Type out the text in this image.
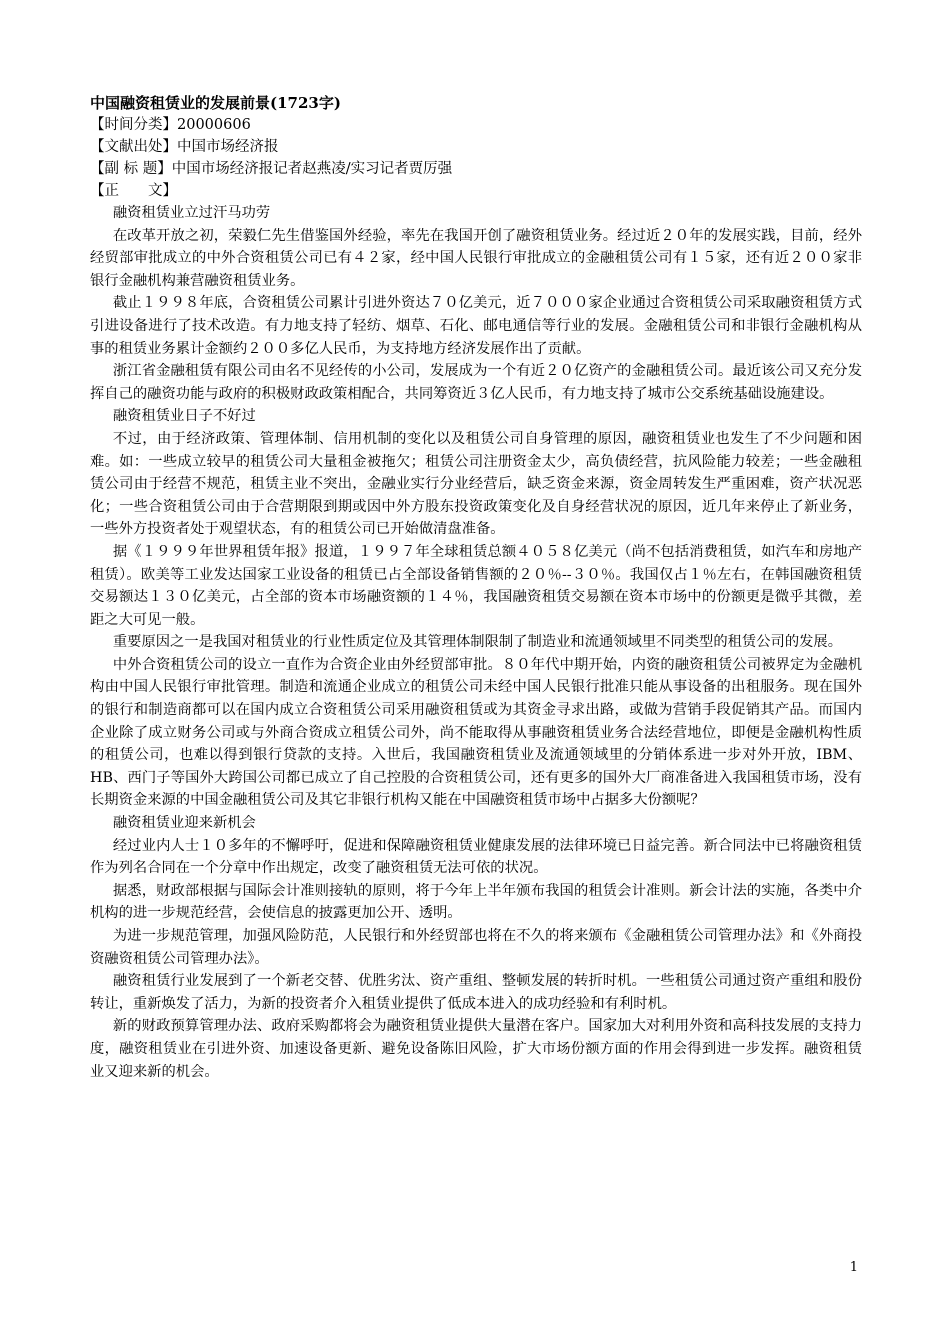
中国融资租赁业的发展前景(1723字)

【时间分类】20000606

【文献出处】中国市场经济报

【副 标 题】中国市场经济报记者赵燕凌/实习记者贾厉强

【正　　文】

融资租赁业立过汗马功劳

在改革开放之初，荣毅仁先生借鉴国外经验，率先在我国开创了融资租赁业务。经过近２０年的发展实践，目前，经外经贸部审批成立的中外合资租赁公司已有４２家，经中国人民银行审批成立的金融租赁公司有１５家，还有近２００家非银行金融机构兼营融资租赁业务。

截止１９９８年底，合资租赁公司累计引进外资达７０亿美元，近７０００家企业通过合资租赁公司采取融资租赁方式引进设备进行了技术改造。有力地支持了轻纺、烟草、石化、邮电通信等行业的发展。金融租赁公司和非银行金融机构从事的租赁业务累计金额约２００多亿人民币，为支持地方经济发展作出了贡献。

浙江省金融租赁有限公司由名不见经传的小公司，发展成为一个有近２０亿资产的金融租赁公司。最近该公司又充分发挥自己的融资功能与政府的积极财政政策相配合，共同筹资近３亿人民币，有力地支持了城市公交系统基础设施建设。

融资租赁业日子不好过

不过，由于经济政策、管理体制、信用机制的变化以及租赁公司自身管理的原因，融资租赁业也发生了不少问题和困难。如：一些成立较早的租赁公司大量租金被拖欠；租赁公司注册资金太少，高负债经营，抗风险能力较差；一些金融租赁公司由于经营不规范，租赁主业不突出，金融业实行分业经营后，缺乏资金来源，资金周转发生严重困难，资产状况恶化；一些合资租赁公司由于合营期限到期或因中外方股东投资政策变化及自身经营状况的原因，近几年来停止了新业务，一些外方投资者处于观望状态，有的租赁公司已开始做清盘准备。

据《１９９９年世界租赁年报》报道，１９９７年全球租赁总额４０５８亿美元（尚不包括消费租赁，如汽车和房地产租赁）。欧美等工业发达国家工业设备的租赁已占全部设备销售额的２０％--３０％。我国仅占１％左右，在韩国融资租赁交易额达１３０亿美元，占全部的资本市场融资额的１４％，我国融资租赁交易额在资本市场中的份额更是微乎其微，差距之大可见一般。

重要原因之一是我国对租赁业的行业性质定位及其管理体制限制了制造业和流通领域里不同类型的租赁公司的发展。

中外合资租赁公司的设立一直作为合资企业由外经贸部审批。８０年代中期开始，内资的融资租赁公司被界定为金融机构由中国人民银行审批管理。制造和流通企业成立的租赁公司未经中国人民银行批准只能从事设备的出租服务。现在国外的银行和制造商都可以在国内成立合资租赁公司采用融资租赁或为其资金寻求出路，或做为营销手段促销其产品。而国内企业除了成立财务公司或与外商合资成立租赁公司外，尚不能取得从事融资租赁业务合法经营地位，即便是金融机构性质的租赁公司，也难以得到银行贷款的支持。入世后，我国融资租赁业及流通领域里的分销体系进一步对外开放，IBM、HB、西门子等国外大跨国公司都已成立了自己控股的合资租赁公司，还有更多的国外大厂商准备进入我国租赁市场，没有长期资金来源的中国金融租赁公司及其它非银行机构又能在中国融资租赁市场中占据多大份额呢？

融资租赁业迎来新机会

经过业内人士１０多年的不懈呼吁，促进和保障融资租赁业健康发展的法律环境已日益完善。新合同法中已将融资租赁作为列名合同在一个分章中作出规定，改变了融资租赁无法可依的状况。

据悉，财政部根据与国际会计准则接轨的原则，将于今年上半年颁布我国的租赁会计准则。新会计法的实施，各类中介机构的进一步规范经营，会使信息的披露更加公开、透明。

为进一步规范管理，加强风险防范，人民银行和外经贸部也将在不久的将来颁布《金融租赁公司管理办法》和《外商投资融资租赁公司管理办法》。

融资租赁行业发展到了一个新老交替、优胜劣汰、资产重组、整顿发展的转折时机。一些租赁公司通过资产重组和股份转让，重新焕发了活力，为新的投资者介入租赁业提供了低成本进入的成功经验和有利时机。

新的财政预算管理办法、政府采购都将会为融资租赁业提供大量潜在客户。国家加大对利用外资和高科技发展的支持力度，融资租赁业在引进外资、加速设备更新、避免设备陈旧风险，扩大市场份额方面的作用会得到进一步发挥。融资租赁业又迎来新的机会。

1
